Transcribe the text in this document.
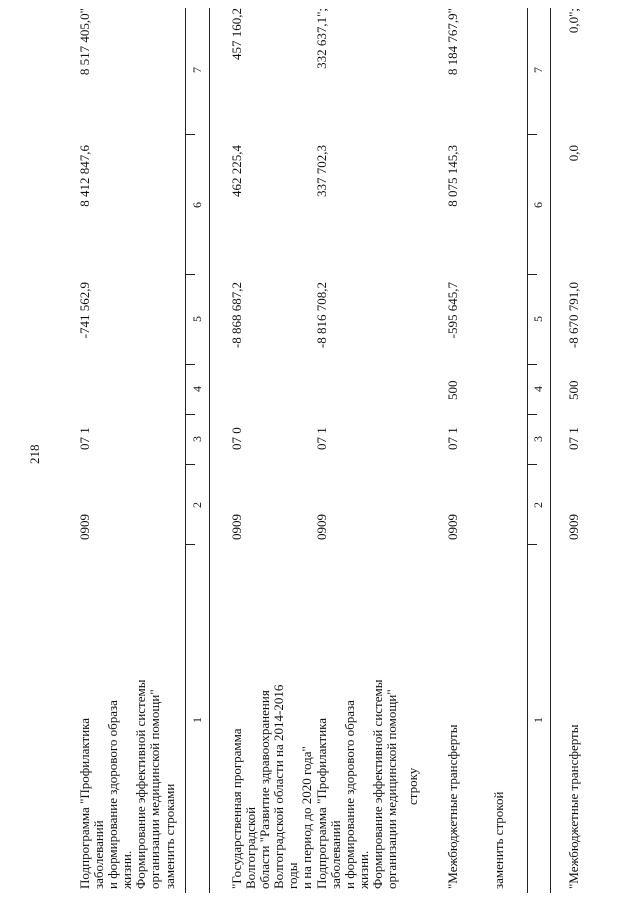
218
Подпрограмма "Профилактика заболеваний
и формирование здорового образа жизни.
Формирование эффективной системы
организации медицинской помощи"
0909
07 1
-741 562,9
8 412 847,6
8 517 405,0"
заменить строками
1
2
3
4
5
6
7
"Государственная программа Волгоградской
области "Развитие здравоохранения
Волгоградской области на 2014-2016 годы
и на период до 2020 года"
0909
07 0
-8 868 687,2
462 225,4
457 160,2
Подпрограмма "Профилактика заболеваний
и формирование здорового образа жизни.
Формирование эффективной системы
организации медицинской помощи"
0909
07 1
-8 816 708,2
337 702,3
332 637,1";
строку "Межбюджетные трансферты
0909
07 1
500
-595 645,7
8 075 145,3
8 184 767,9"
заменить строкой
1
2
3
4
5
6
7
"Межбюджетные трансферты
0909
07 1
500
-8 670 791,0
0,0
0,0";
